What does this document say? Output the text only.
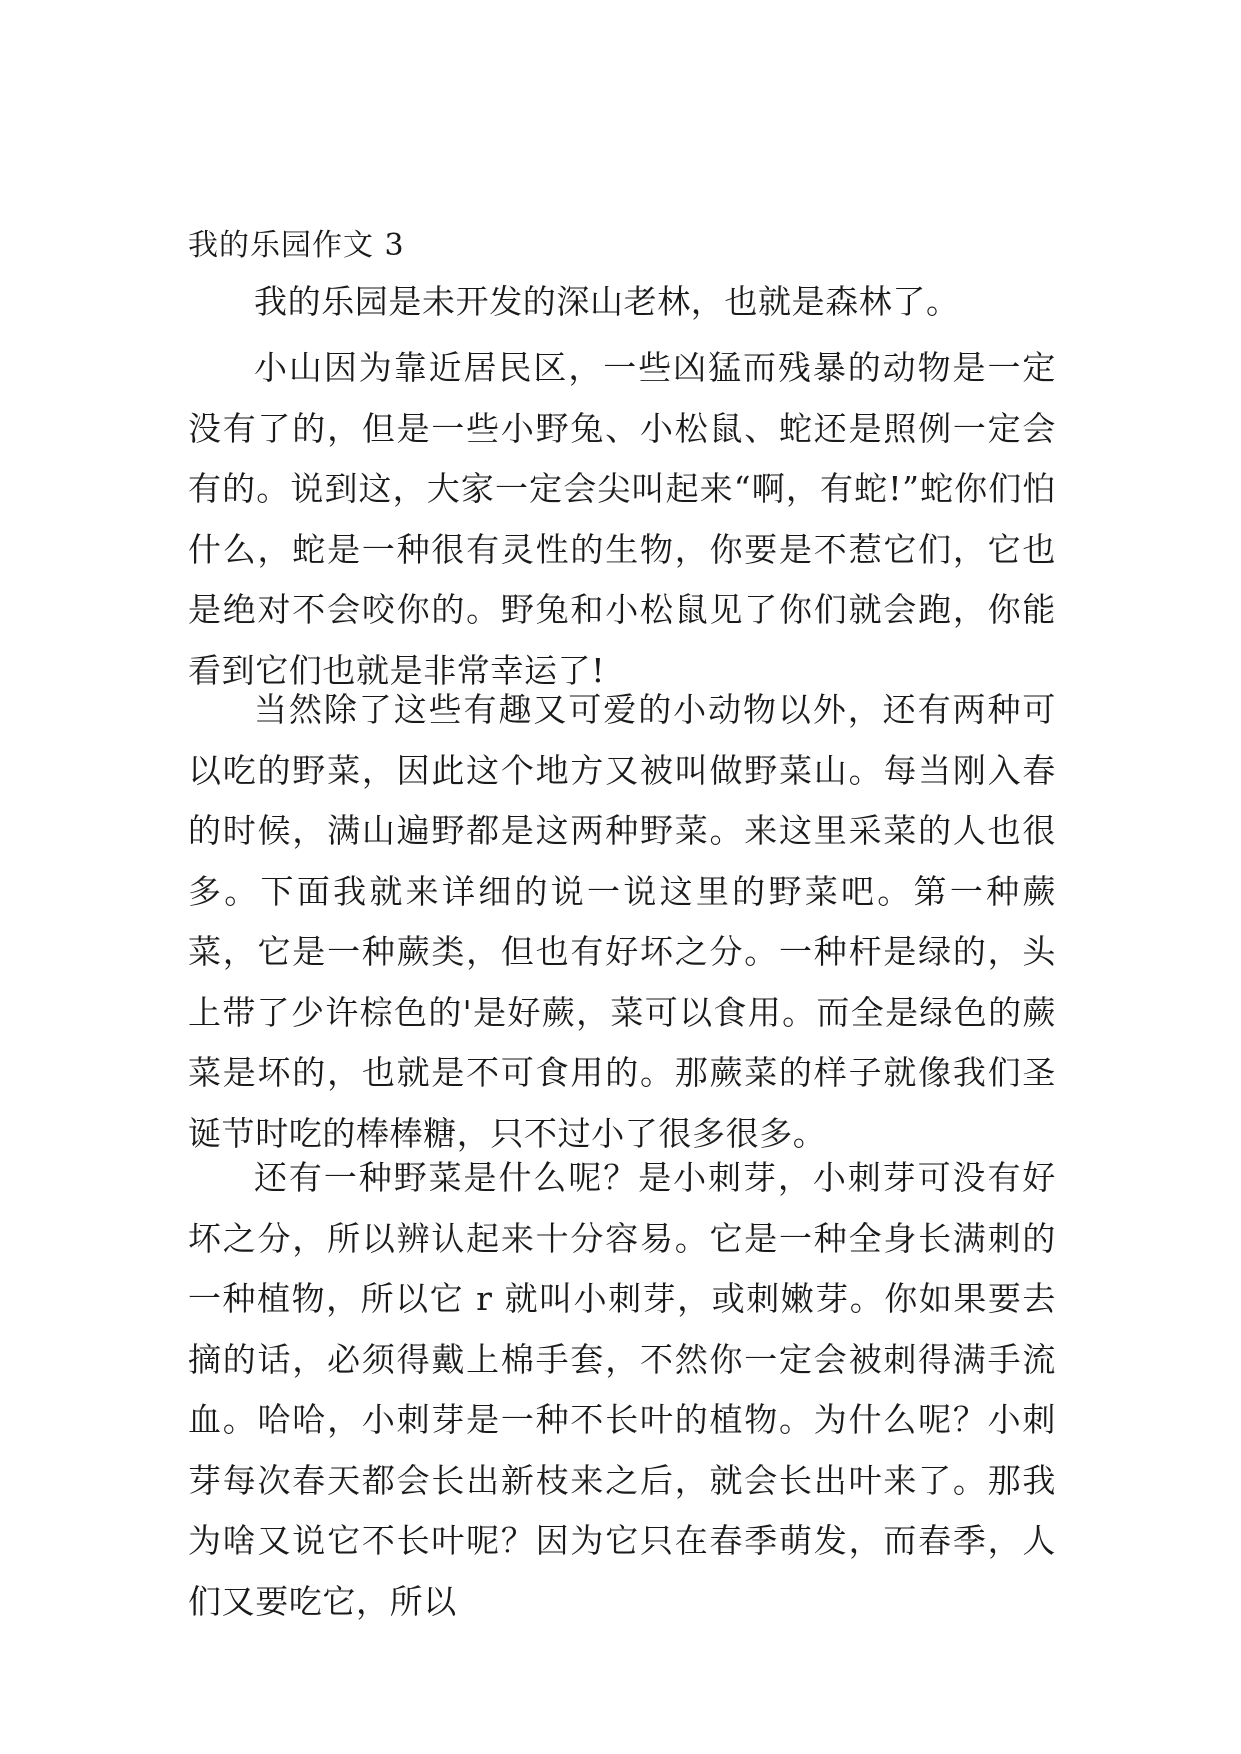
我的乐园作文 3

我的乐园是未开发的深山老林，也就是森林了。

小山因为靠近居民区，一些凶猛而残暴的动物是一定没有了的，但是一些小野兔、小松鼠、蛇还是照例一定会有的。说到这，大家一定会尖叫起来“啊，有蛇!”蛇你们怕什么，蛇是一种很有灵性的生物，你要是不惹它们，它也是绝对不会咬你的。野兔和小松鼠见了你们就会跑，你能看到它们也就是非常幸运了!

当然除了这些有趣又可爱的小动物以外，还有两种可以吃的野菜，因此这个地方又被叫做野菜山。每当刚入春的时候，满山遍野都是这两种野菜。来这里采菜的人也很多。下面我就来详细的说一说这里的野菜吧。第一种蕨菜，它是一种蕨类，但也有好坏之分。一种杆是绿的，头上带了少许棕色的'是好蕨，菜可以食用。而全是绿色的蕨菜是坏的，也就是不可食用的。那蕨菜的样子就像我们圣诞节时吃的棒棒糖，只不过小了很多很多。

还有一种野菜是什么呢？是小刺芽，小刺芽可没有好坏之分，所以辨认起来十分容易。它是一种全身长满刺的一种植物，所以它 r 就叫小刺芽，或刺嫩芽。你如果要去摘的话，必须得戴上棉手套，不然你一定会被刺得满手流血。哈哈，小刺芽是一种不长叶的植物。为什么呢？小刺芽每次春天都会长出新枝来之后，就会长出叶来了。那我为啥又说它不长叶呢？因为它只在春季萌发，而春季，人们又要吃它，所以
